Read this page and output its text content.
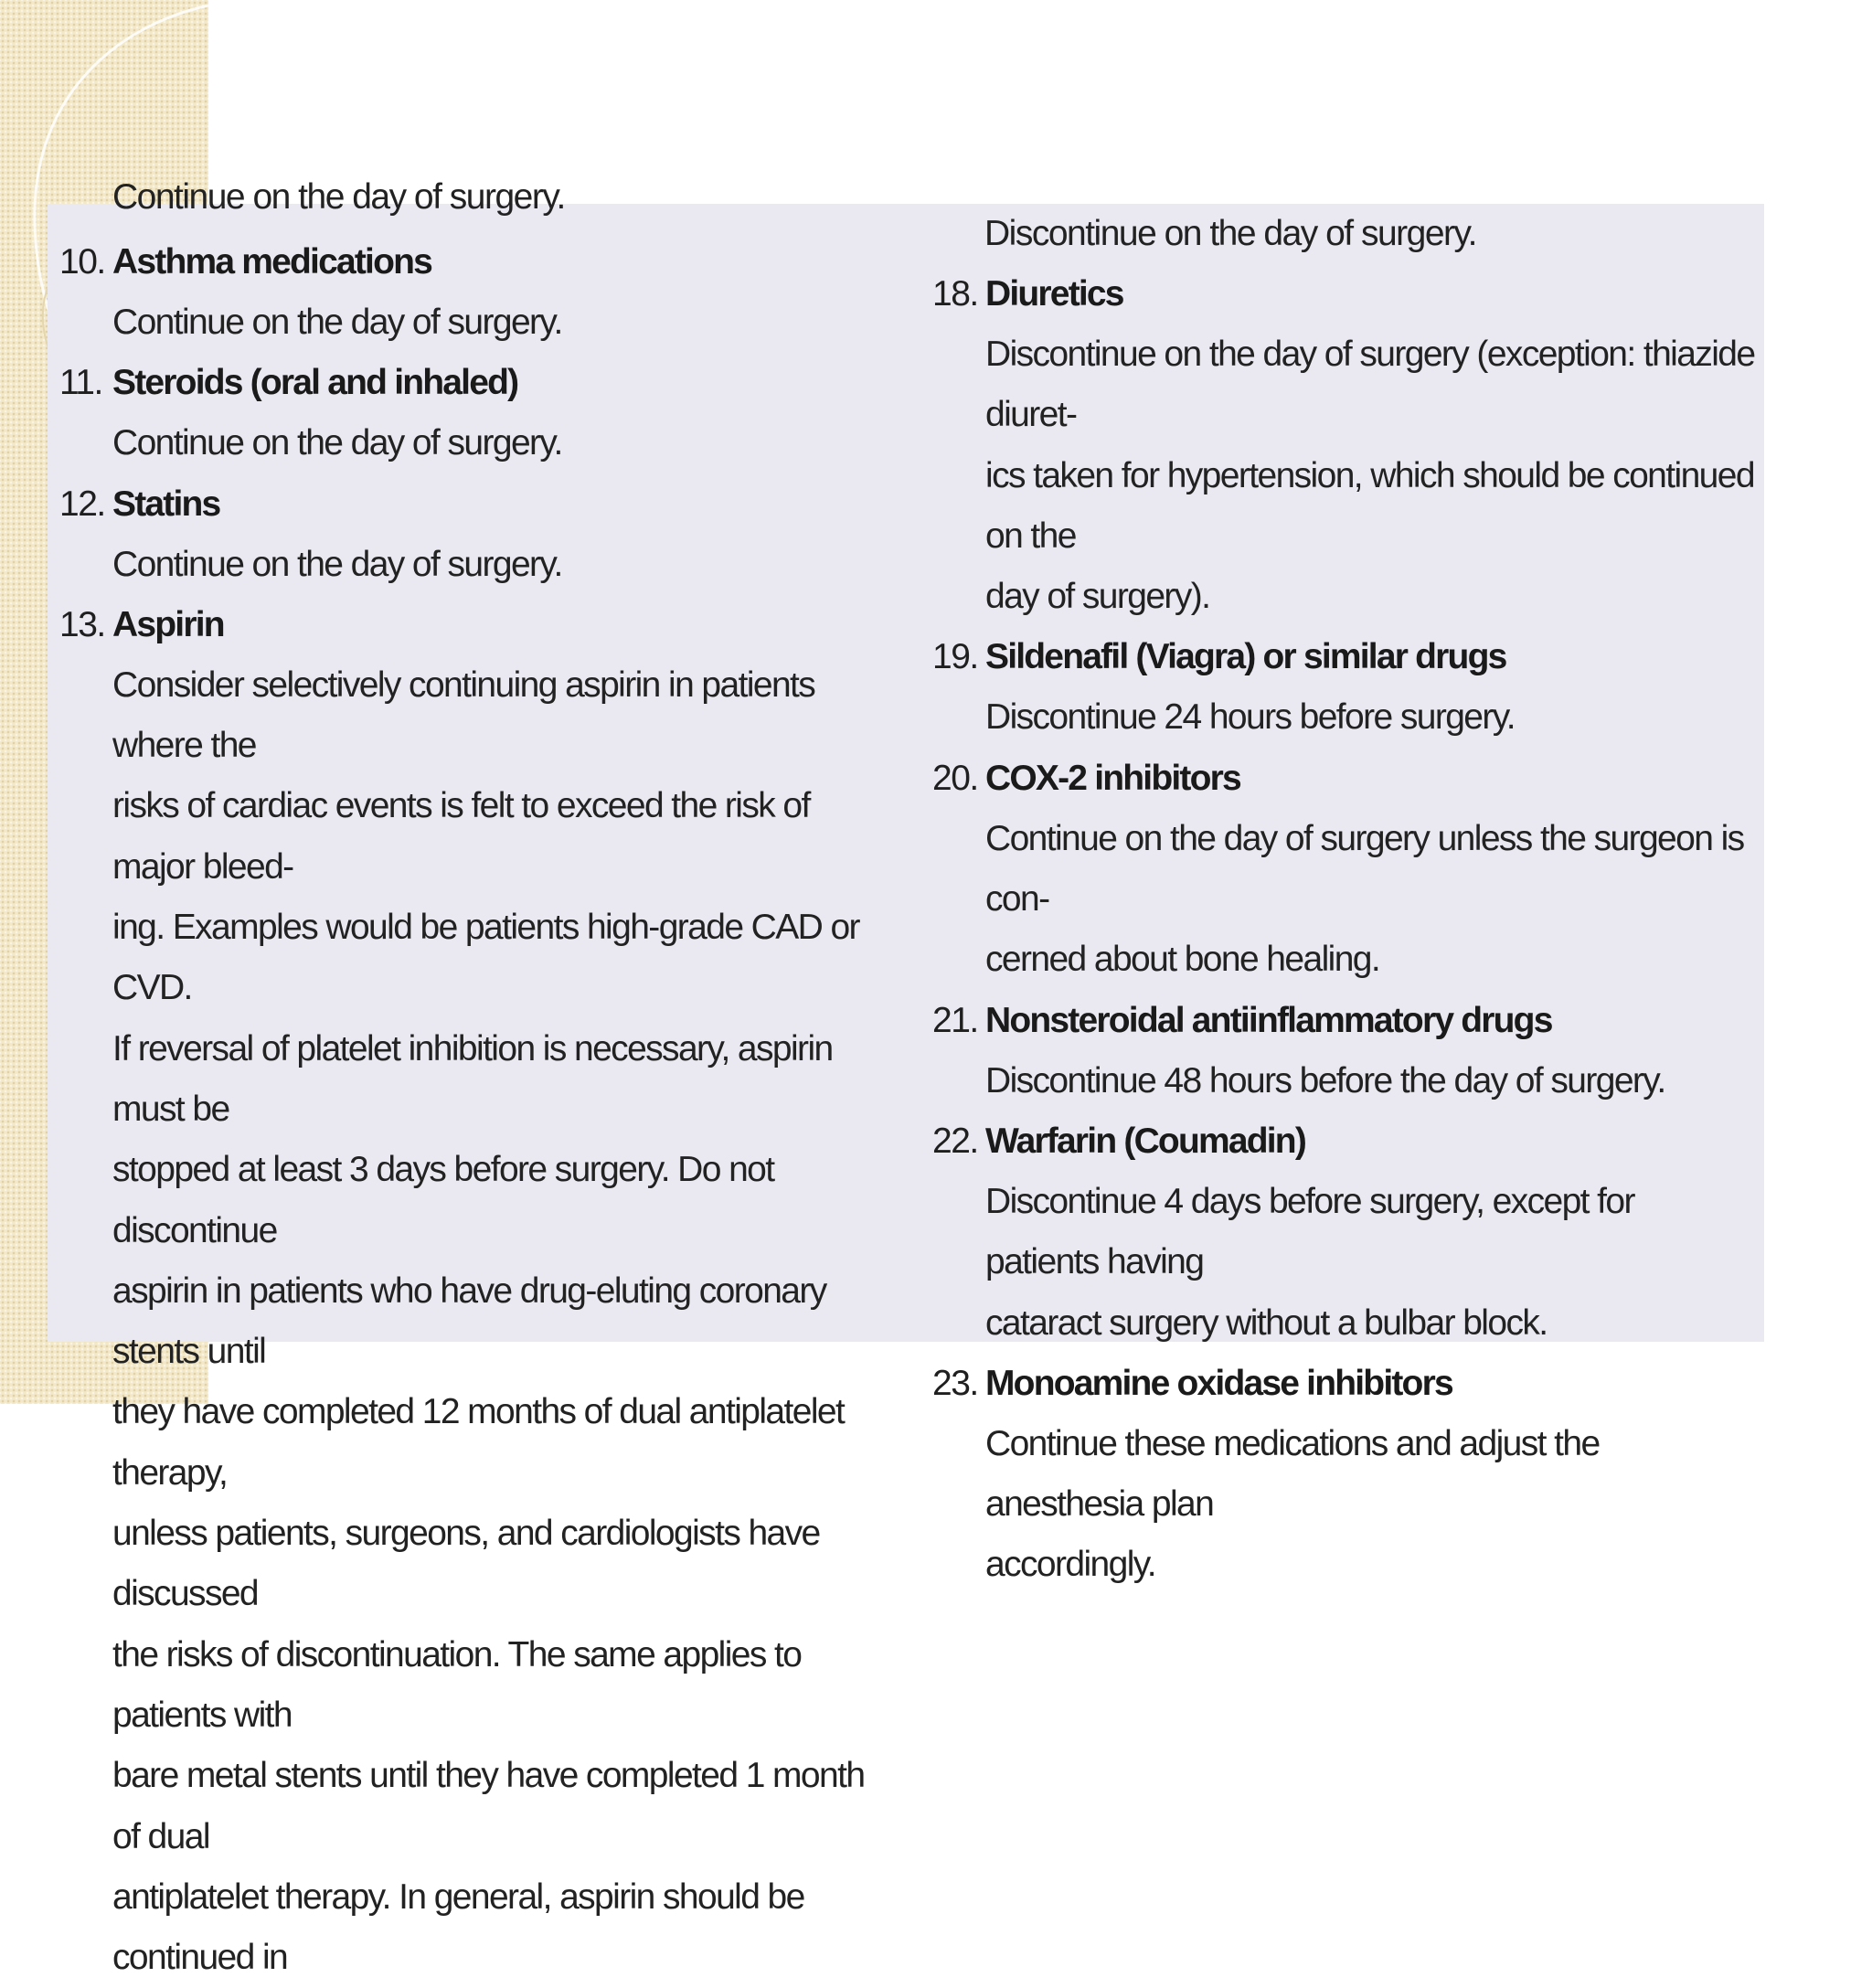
Continue on the day of surgery.

10. Asthma medications
Continue on the day of surgery.
11. Steroids (oral and inhaled)
Continue on the day of surgery.
12. Statins
Continue on the day of surgery.
13. Aspirin
Consider selectively continuing aspirin in patients where the
risks of cardiac events is felt to exceed the risk of major bleed-
ing. Examples would be patients high-grade CAD or CVD.
If reversal of platelet inhibition is necessary, aspirin must be
stopped at least 3 days before surgery. Do not discontinue
aspirin in patients who have drug-eluting coronary stents until
they have completed 12 months of dual antiplatelet therapy,
unless patients, surgeons, and cardiologists have discussed
the risks of discontinuation. The same applies to patients with
bare metal stents until they have completed 1 month of dual
antiplatelet therapy. In general, aspirin should be continued in

Discontinue on the day of surgery.

18. Diuretics
Discontinue on the day of surgery (exception: thiazide diuret-
ics taken for hypertension, which should be continued on the
day of surgery).
19. Sildenafil (Viagra) or similar drugs
Discontinue 24 hours before surgery.
20. COX-2 inhibitors
Continue on the day of surgery unless the surgeon is con-
cerned about bone healing.
21. Nonsteroidal antiinflammatory drugs
Discontinue 48 hours before the day of surgery.
22. Warfarin (Coumadin)
Discontinue 4 days before surgery, except for patients having
cataract surgery without a bulbar block.
23. Monoamine oxidase inhibitors
Continue these medications and adjust the anesthesia plan
accordingly.
